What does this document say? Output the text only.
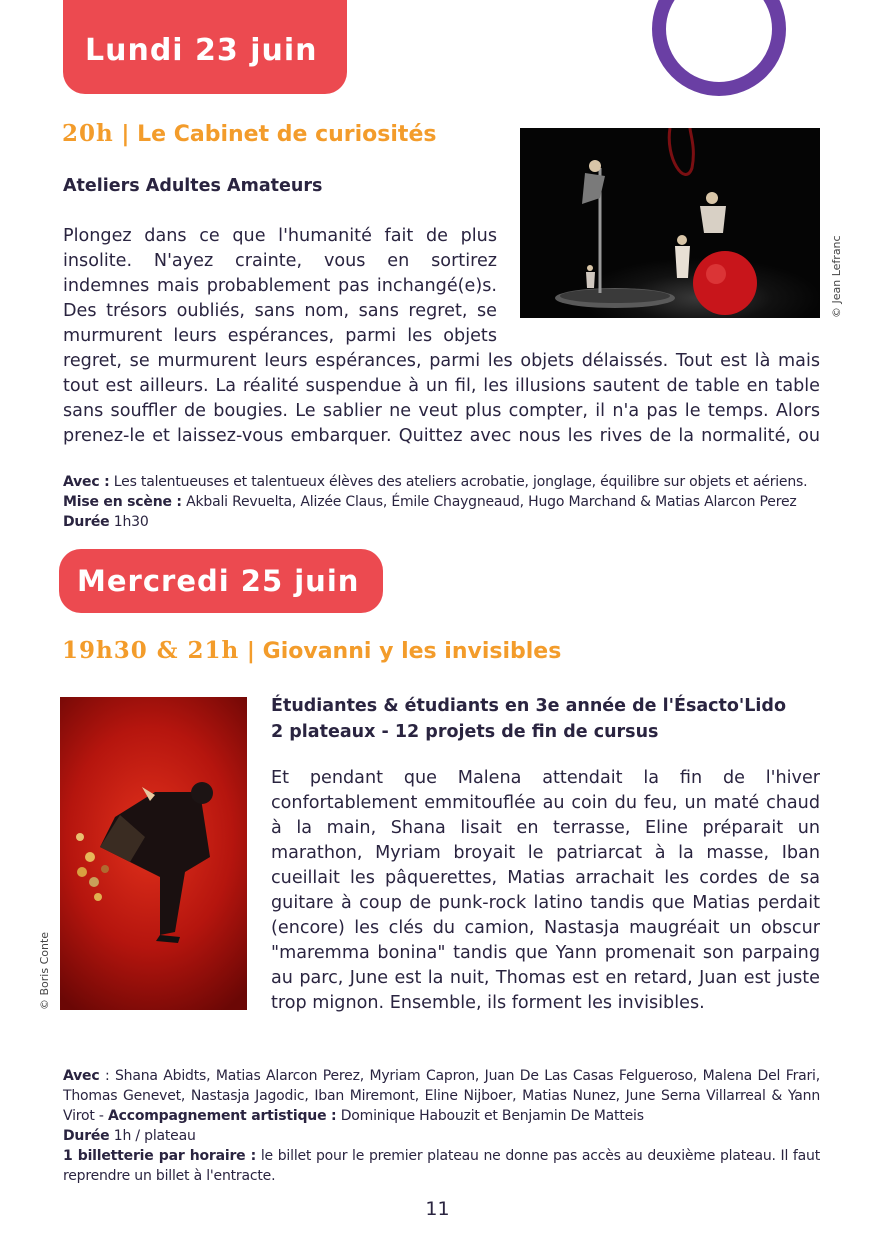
Lundi 23 juin
20h | Le Cabinet de curiosités
Ateliers Adultes Amateurs
© Jean Lefranc
Plongez dans ce que l'humanité fait de plus insolite. N'ayez crainte, vous en sortirez indemnes mais probablement pas inchangé(e)s. Des trésors oubliés, sans nom, sans regret, se murmurent leurs espérances, parmi les objets
regret, se murmurent leurs espérances, parmi les objets délaissés. Tout est là mais tout est ailleurs. La réalité suspendue à un fil, les illusions sautent de table en table sans souffler de bougies. Le sablier ne veut plus compter, il n'a pas le temps. Alors prenez-le et laissez-vous embarquer. Quittez avec nous les rives de la normalité, ou
Avec : Les talentueuses et talentueux élèves des ateliers acrobatie, jonglage, équilibre sur objets et aériens.
Mise en scène : Akbali Revuelta, Alizée Claus, Émile Chaygneaud, Hugo Marchand & Matias Alarcon Perez
Durée 1h30
Mercredi 25 juin
19h30 & 21h | Giovanni y les invisibles
© Boris Conte
Étudiantes & étudiants en 3e année de l'Ésacto'Lido
2 plateaux - 12 projets de fin de cursus
Et pendant que Malena attendait la fin de l'hiver confortablement emmitouflée au coin du feu, un maté chaud à la main, Shana lisait en terrasse, Eline préparait un marathon, Myriam broyait le patriarcat à la masse, Iban cueillait les pâquerettes, Matias arrachait les cordes de sa guitare à coup de punk-rock latino tandis que Matias perdait (encore) les clés du camion, Nastasja maugréait un obscur "maremma bonina" tandis que Yann promenait son parpaing au parc, June est la nuit, Thomas est en retard, Juan est juste trop mignon. Ensemble, ils forment les invisibles.
Avec : Shana Abidts, Matias Alarcon Perez, Myriam Capron, Juan De Las Casas Felgueroso, Malena Del Frari, Thomas Genevet, Nastasja Jagodic, Iban Miremont, Eline Nijboer, Matias Nunez, June Serna Villarreal & Yann Virot - Accompagnement artistique : Dominique Habouzit et Benjamin De Matteis
Durée 1h / plateau
1 billetterie par horaire : le billet pour le premier plateau ne donne pas accès au deuxième plateau. Il faut reprendre un billet à l'entracte.
11
